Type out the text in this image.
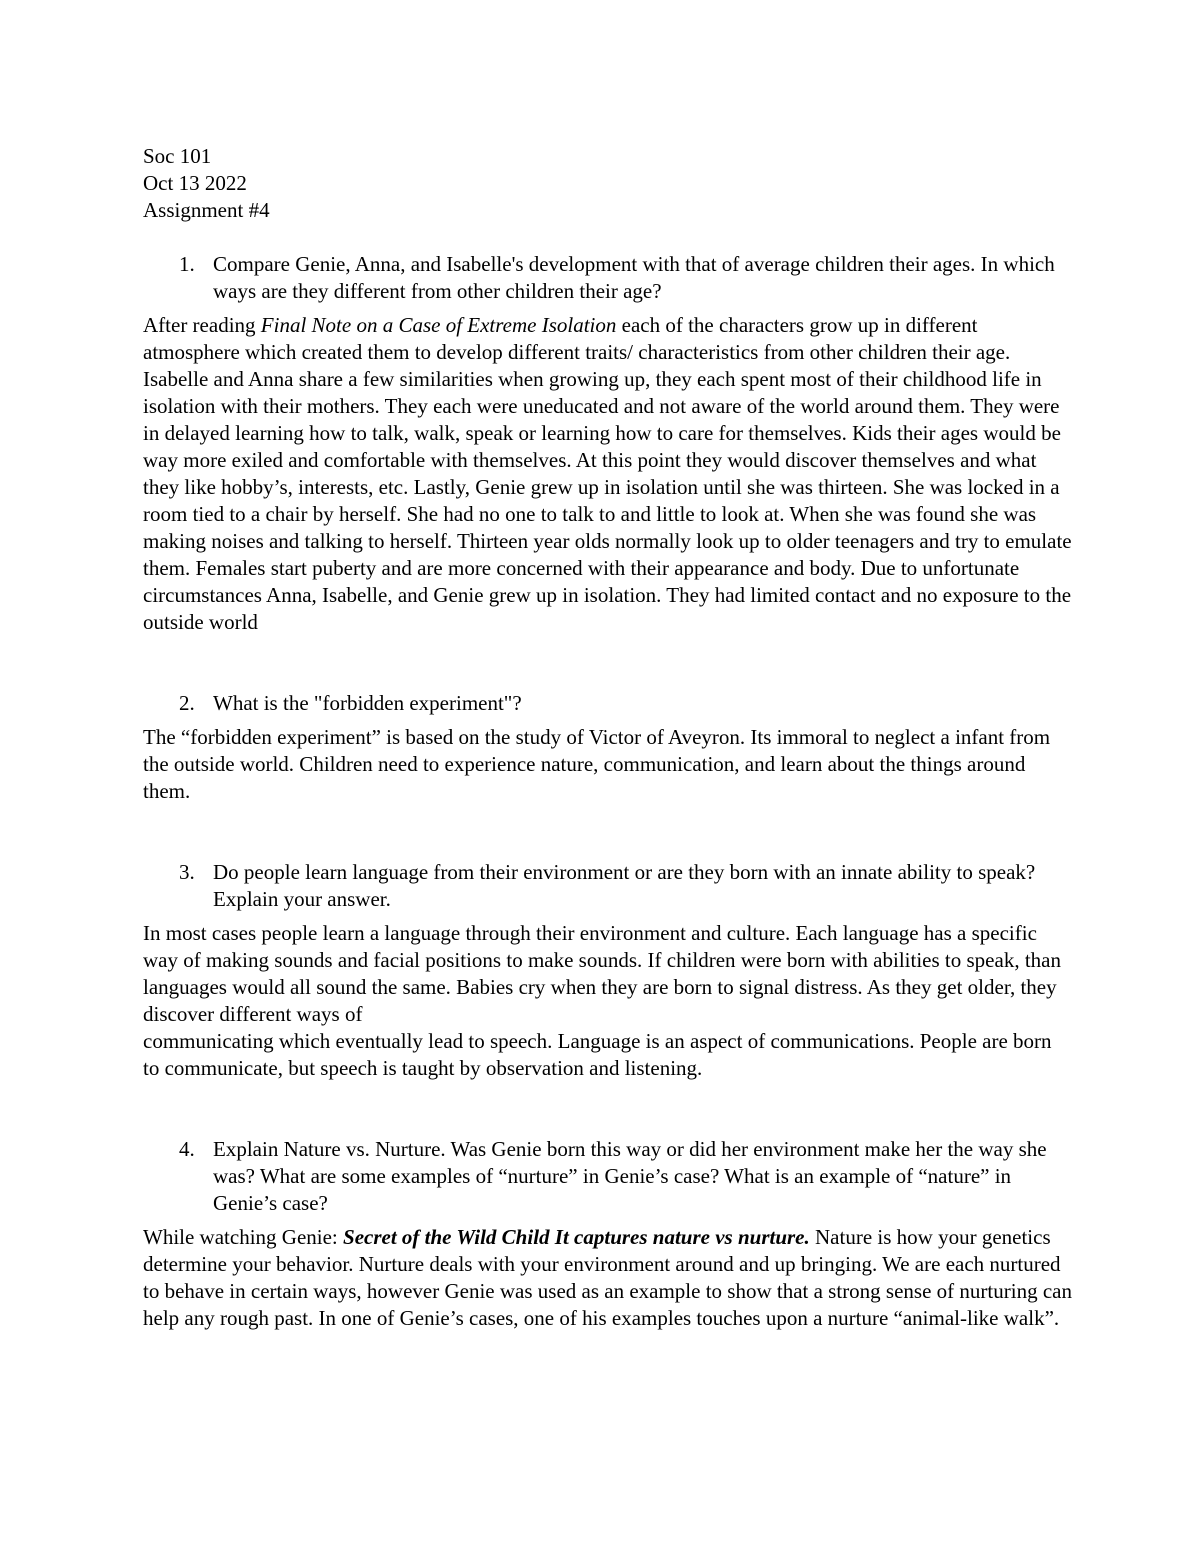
Soc 101
Oct 13 2022
Assignment #4
1. Compare Genie, Anna, and Isabelle's development with that of average children their ages. In which ways are they different from other children their age?
After reading Final Note on a Case of Extreme Isolation each of the characters grow up in different atmosphere which created them to develop different traits/ characteristics from other children their age. Isabelle and Anna share a few similarities when growing up, they each spent most of their childhood life in isolation with their mothers. They each were uneducated and not aware of the world around them. They were in delayed learning how to talk, walk, speak or learning how to care for themselves. Kids their ages would be way more exiled and comfortable with themselves. At this point they would discover themselves and what they like hobby’s, interests, etc. Lastly, Genie grew up in isolation until she was thirteen. She was locked in a room tied to a chair by herself. She had no one to talk to and little to look at. When she was found she was making noises and talking to herself. Thirteen year olds normally look up to older teenagers and try to emulate them. Females start puberty and are more concerned with their appearance and body. Due to unfortunate circumstances Anna, Isabelle, and Genie grew up in isolation. They had limited contact and no exposure to the outside world
2. What is the "forbidden experiment"?
The “forbidden experiment” is based on the study of Victor of Aveyron. Its immoral to neglect a infant from the outside world. Children need to experience nature, communication, and learn about the things around them.
3. Do people learn language from their environment or are they born with an innate ability to speak? Explain your answer.
In most cases people learn a language through their environment and culture. Each language has a specific way of making sounds and facial positions to make sounds. If children were born with abilities to speak, than languages would all sound the same. Babies cry when they are born to signal distress. As they get older, they discover different ways of
communicating which eventually lead to speech. Language is an aspect of communications. People are born to communicate, but speech is taught by observation and listening.
4. Explain Nature vs. Nurture. Was Genie born this way or did her environment make her the way she was? What are some examples of “nurture” in Genie’s case? What is an example of “nature” in Genie’s case?
While watching Genie: Secret of the Wild Child It captures nature vs nurture. Nature is how your genetics determine your behavior. Nurture deals with your environment around and up bringing. We are each nurtured to behave in certain ways, however Genie was used as an example to show that a strong sense of nurturing can help any rough past. In one of Genie’s cases, one of his examples touches upon a nurture “animal-like walk”.
